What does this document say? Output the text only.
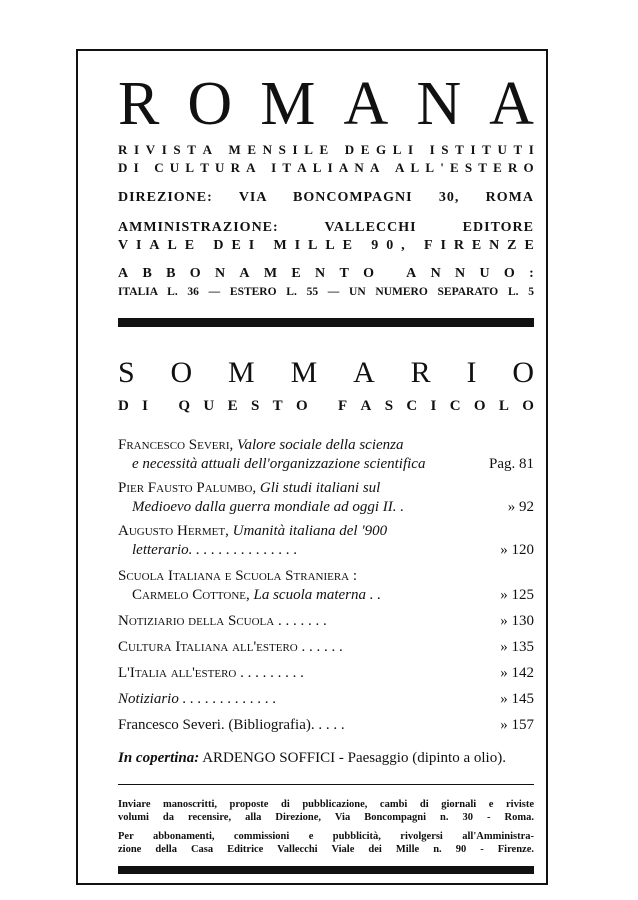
R O M A N A
R I V I S T A
M E N S I L E
D E G L I
I S T I T U T I
D I
C U L T U R A
I T A L I A N A
A L L ' E S T E R O
DIREZIONE: VIA BONCOMPAGNI 30, ROMA
AMMINISTRAZIONE: VALLECCHI EDITORE
V I A L E
D E I
M I L L E
9 0 ,
F I R E N Z E
A B B O N A M E N T O
A N N U O :
ITALIA L. 36 — ESTERO L. 55 — UN NUMERO SEPARATO L. 5
S O M M A R I O
D I
Q U E S T O
F A S C I C O L O
Francesco Severi, Valore sociale della scienza
e necessità attuali dell'organizzazione scientifica	Pag. 81
Pier Fausto Palumbo, Gli studi italiani sul
Medioevo dalla guerra mondiale ad oggi II. .	» 92
Augusto Hermet, Umanità italiana del '900
letterario. . . . . . . . . . . . . . .	» 120
Scuola Italiana e Scuola Straniera :
Carmelo Cottone, La scuola materna . .	» 125
Notiziario della Scuola . . . . . . .	» 130
Cultura Italiana all'estero . . . . . .	» 135
L'Italia all'estero . . . . . . . . .	» 142
Notiziario . . . . . . . . . . . . .	» 145
Francesco Severi. (Bibliografia). . . . .	» 157
In copertina: ARDENGO SOFFICI - Paesaggio (dipinto a olio).
Inviare manoscritti, proposte di pubblicazione, cambi di giornali e riviste
volumi da recensire, alla Direzione, Via Boncompagni n. 30 - Roma.
Per abbonamenti, commissioni e pubblicità, rivolgersi all'Amministra-
zione della Casa Editrice Vallecchi Viale dei Mille n. 90 - Firenze.
